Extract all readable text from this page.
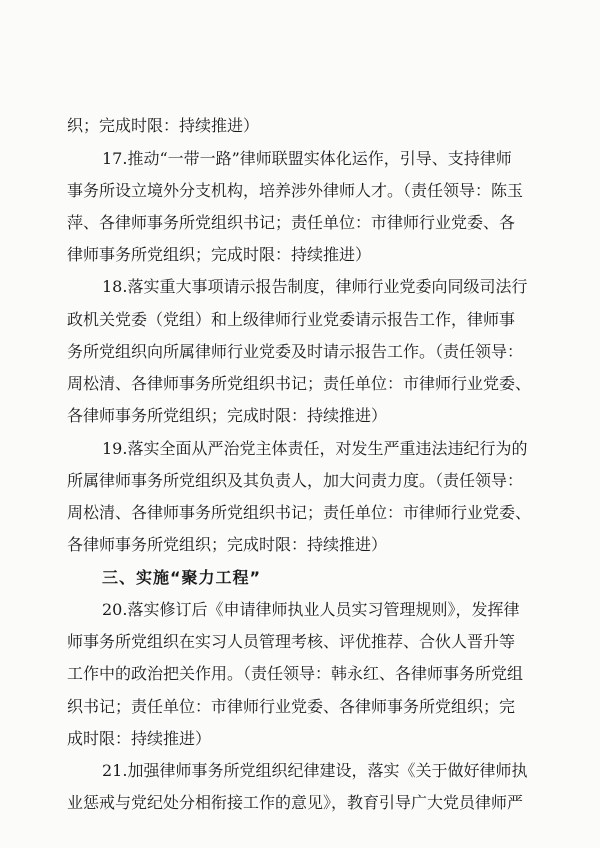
织；完成时限：持续推进）

17.推动“一带一路”律师联盟实体化运作，引导、支持律师

事务所设立境外分支机构，培养涉外律师人才。（责任领导：陈玉

萍、各律师事务所党组织书记；责任单位：市律师行业党委、各

律师事务所党组织；完成时限：持续推进）

18.落实重大事项请示报告制度，律师行业党委向同级司法行

政机关党委（党组）和上级律师行业党委请示报告工作，律师事

务所党组织向所属律师行业党委及时请示报告工作。（责任领导：

周松清、各律师事务所党组织书记；责任单位：市律师行业党委、

各律师事务所党组织；完成时限：持续推进）

19.落实全面从严治党主体责任，对发生严重违法违纪行为的

所属律师事务所党组织及其负责人，加大问责力度。（责任领导：

周松清、各律师事务所党组织书记；责任单位：市律师行业党委、

各律师事务所党组织；完成时限：持续推进）

三、实施“聚力工程”

20.落实修订后《申请律师执业人员实习管理规则》，发挥律

师事务所党组织在实习人员管理考核、评优推荐、合伙人晋升等

工作中的政治把关作用。（责任领导：韩永红、各律师事务所党组

织书记；责任单位：市律师行业党委、各律师事务所党组织；完

成时限：持续推进）

21.加强律师事务所党组织纪律建设，落实《关于做好律师执

业惩戒与党纪处分相衔接工作的意见》，教育引导广大党员律师严
